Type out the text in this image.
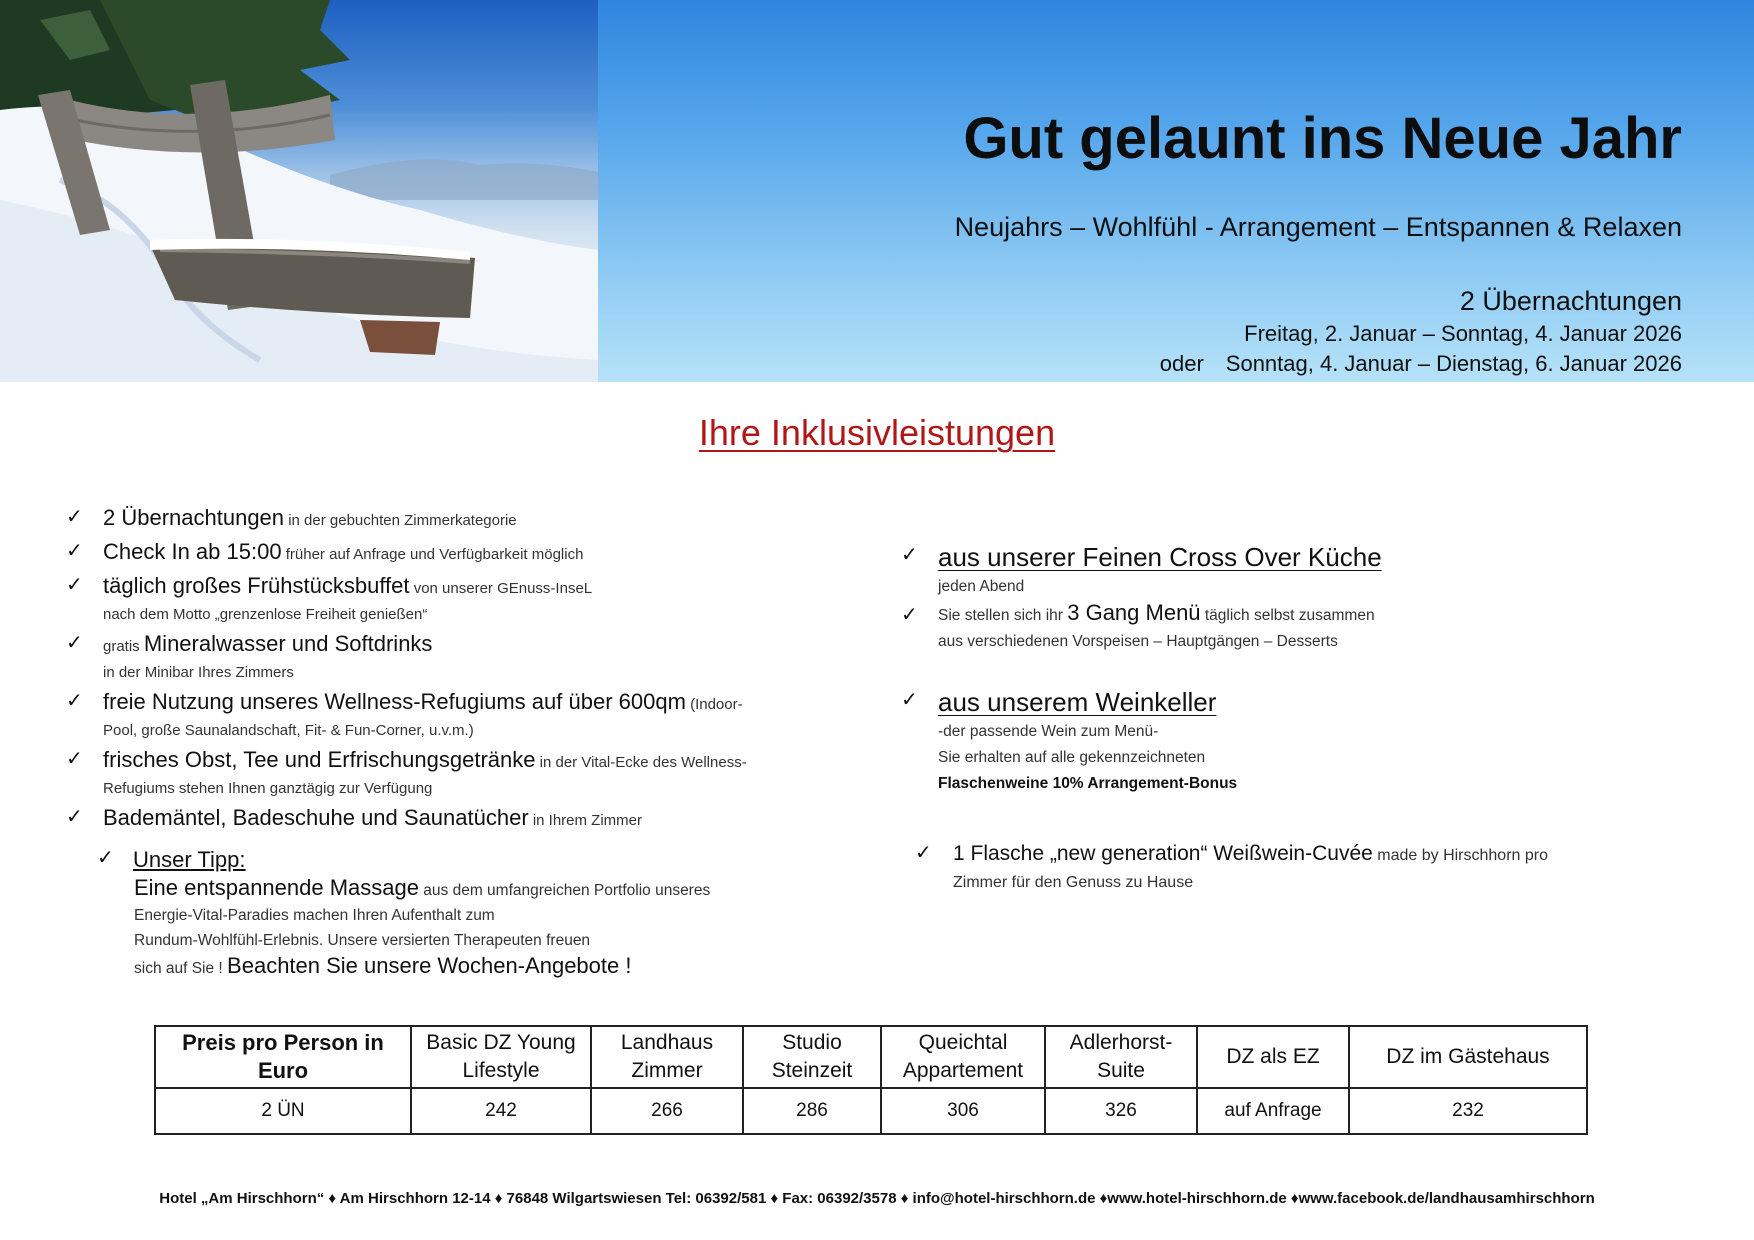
Gut gelaunt ins Neue Jahr
Neujahrs – Wohlfühl - Arrangement – Entspannen & Relaxen
2 Übernachtungen
Freitag, 2. Januar – Sonntag, 4. Januar 2026
oder Sonntag, 4. Januar – Dienstag, 6. Januar 2026
Ihre Inklusivleistungen
✓ 2 Übernachtungen in der gebuchten Zimmerkategorie
✓ Check In ab 15:00 früher auf Anfrage und Verfügbarkeit möglich
✓ täglich großes Frühstücksbuffet von unserer GEnuss-InseL
nach dem Motto „grenzenlose Freiheit genießen“
✓ gratis Mineralwasser und Softdrinks
in der Minibar Ihres Zimmers
✓ freie Nutzung unseres Wellness-Refugiums auf über 600qm (Indoor-
Pool, große Saunalandschaft, Fit- & Fun-Corner, u.v.m.)
✓ frisches Obst, Tee und Erfrischungsgetränke in der Vital-Ecke des Wellness-
Refugiums stehen Ihnen ganztägig zur Verfügung
✓ Bademäntel, Badeschuhe und Saunatücher in Ihrem Zimmer
✓ Unser Tipp:
Eine entspannende Massage aus dem umfangreichen Portfolio unseres
Energie-Vital-Paradies machen Ihren Aufenthalt zum
Rundum-Wohlfühl-Erlebnis. Unsere versierten Therapeuten freuen
sich auf Sie ! Beachten Sie unsere Wochen-Angebote !
✓ aus unserer Feinen Cross Over Küche
jeden Abend
✓ Sie stellen sich ihr 3 Gang Menü täglich selbst zusammen
aus verschiedenen Vorspeisen – Hauptgängen – Desserts
✓ aus unserem Weinkeller
-der passende Wein zum Menü-
Sie erhalten auf alle gekennzeichneten
Flaschenweine 10% Arrangement-Bonus
✓	1 Flasche „new generation“ Weißwein-Cuvée made by Hirschhorn pro
Zimmer für den Genuss zu Hause
Preis pro Person in Euro	Basic DZ Young Lifestyle	Landhaus Zimmer	Studio Steinzeit	Queichtal Appartement	Adlerhorst-Suite	DZ als EZ	DZ im Gästehaus
2 ÜN	242	266	286	306	326	auf Anfrage	232
Hotel „Am Hirschhorn“ ♦ Am Hirschhorn 12-14 ♦ 76848 Wilgartswiesen Tel: 06392/581 ♦ Fax: 06392/3578 ♦ info@hotel-hirschhorn.de ♦www.hotel-hirschhorn.de ♦www.facebook.de/landhausamhirschhorn
